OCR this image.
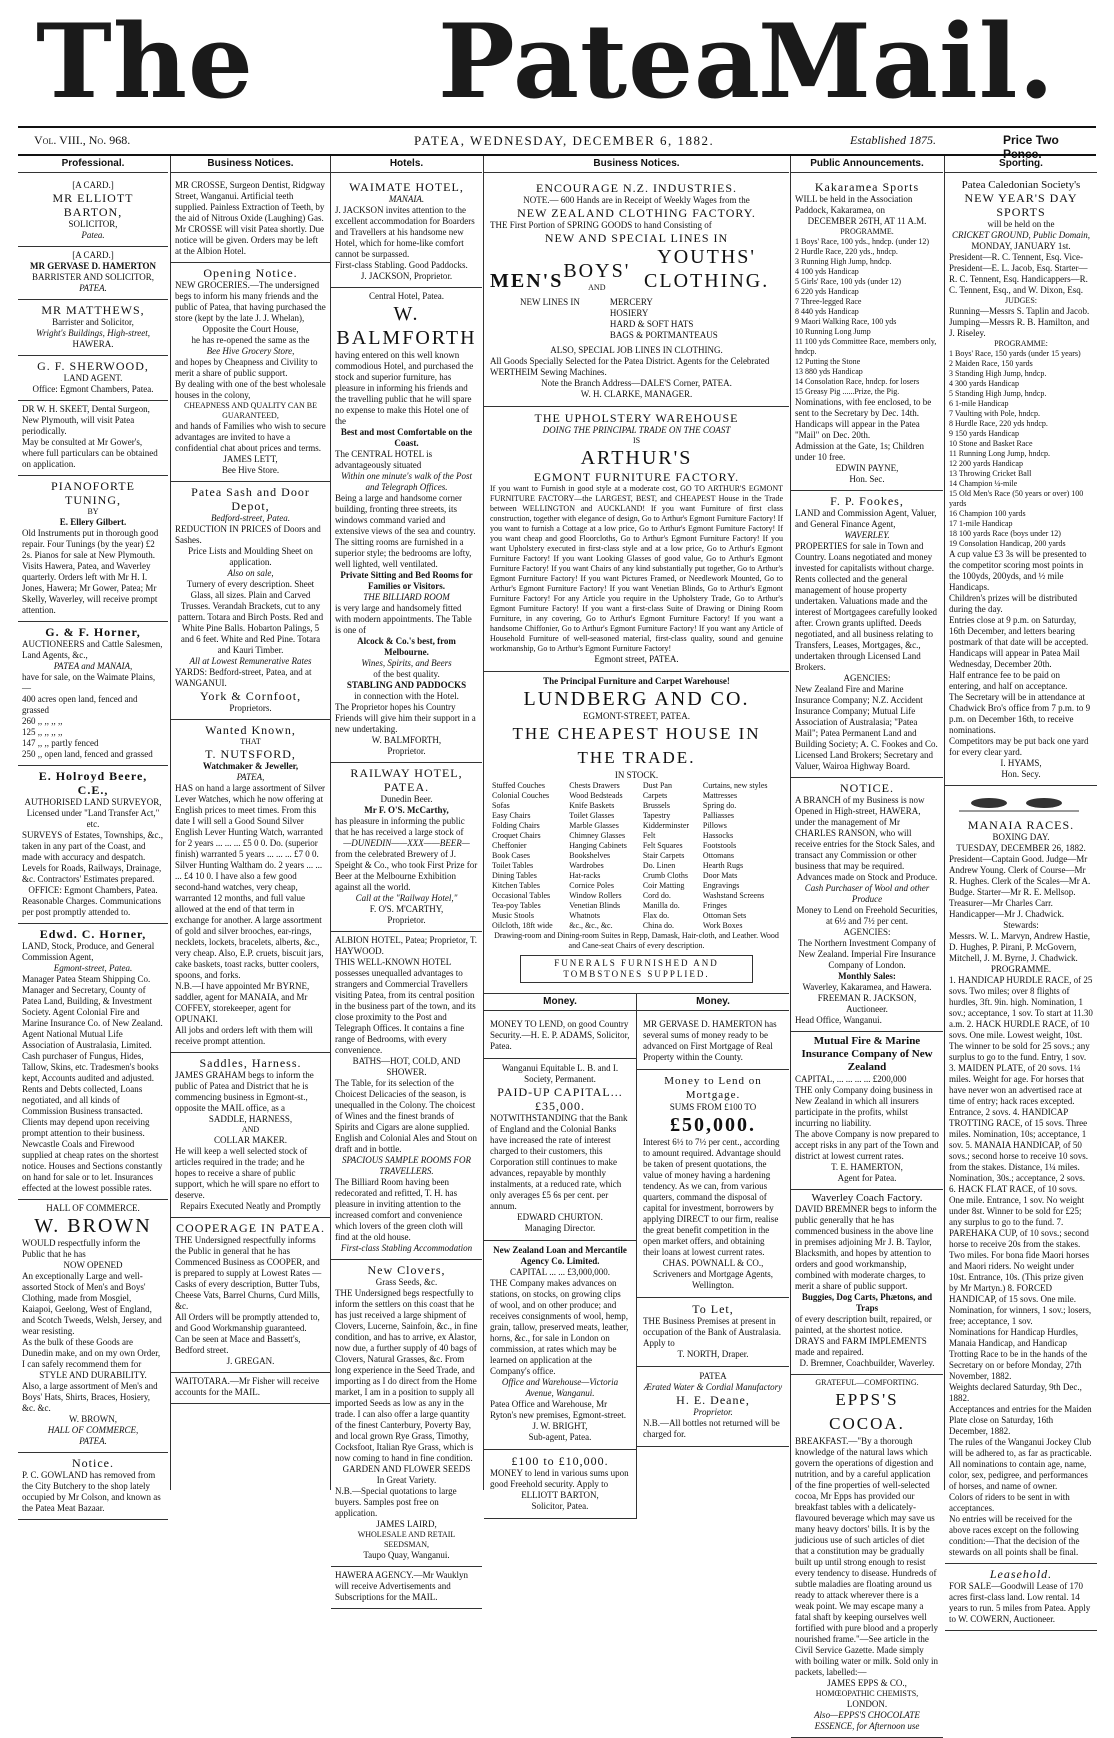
The Patea
Mail.
Vol. VIII., No. 968.	PATEA, WEDNESDAY, DECEMBER 6, 1882.	Established 1875.	Price Two Pence.
Professional.
[A CARD.]
MR ELLIOTT BARTON,
SOLICITOR,
Patea.
[A CARD.]
MR GERVASE D. HAMERTON
BARRISTER AND SOLICITOR,
PATEA.
MR MATTHEWS,
Barrister and Solicitor,
Wright's Buildings, High-street,
HAWERA.
G. F. SHERWOOD,
LAND AGENT.
Office: Egmont Chambers, Patea.
DR W. H. SKEET, Dental Surgeon, New Plymouth, will visit Patea periodically.
May be consulted at Mr Gower's, where full particulars can be obtained on application.
PIANOFORTE TUNING,
BY
E. Ellery Gilbert.
Old Instruments put in thorough good repair. Four Tunings (by the year) £2 2s. Pianos for sale at New Plymouth. Visits Hawera, Patea, and Waverley quarterly. Orders left with Mr H. I. Jones, Hawera; Mr Gower, Patea; Mr Skelly, Waverley, will receive prompt attention.
G. & F. Horner,
AUCTIONEERS and Cattle Salesmen, Land Agents, &c.,
PATEA and MANAIA,
have for sale, on the Waimate Plains,—
400 acres open land, fenced and grassed
260 ,, ,, ,, ,,
125 ,, ,, ,, ,,
147 ,, ,, partly fenced
250 ,, open land, fenced and grassed
E. Holroyd Beere, C.E.,
AUTHORISED LAND SURVEYOR,
Licensed under "Land Transfer Act," etc.
SURVEYS of Estates, Townships, &c., taken in any part of the Coast, and made with accuracy and despatch. Levels for Roads, Railways, Drainage, &c. Contractors' Estimates prepared.
OFFICE: Egmont Chambers, Patea.
Reasonable Charges. Communications per post promptly attended to.
Edwd. C. Horner,
LAND, Stock, Produce, and General Commission Agent,
Egmont-street, Patea.
Manager Patea Steam Shipping Co. Manager and Secretary, County of Patea Land, Building, & Investment Society. Agent Colonial Fire and Marine Insurance Co. of New Zealand. Agent National Mutual Life Association of Australasia, Limited. Cash purchaser of Fungus, Hides, Tallow, Skins, etc. Tradesmen's books kept, Accounts audited and adjusted. Rents and Debts collected, Loans negotiated, and all kinds of Commission Business transacted. Clients may depend upon receiving prompt attention to their business. Newcastle Coals and Firewood supplied at cheap rates on the shortest notice. Houses and Sections constantly on hand for sale or to let. Insurances effected at the lowest possible rates.
HALL OF COMMERCE.
W. BROWN
WOULD respectfully inform the Public that he has
NOW OPENED
An exceptionally Large and well-assorted Stock of Men's and Boys' Clothing, made from Mosgiel, Kaiapoi, Geelong, West of England, and Scotch Tweeds, Welsh, Jersey, and wear resisting.
As the bulk of these Goods are Dunedin make, and on my own Order, I can safely recommend them for
STYLE AND DURABILITY.
Also, a large assortment of Men's and Boys' Hats, Shirts, Braces, Hosiery, &c. &c.
W. BROWN,
HALL OF COMMERCE,
PATEA.
Notice.
P. C. GOWLAND has removed from the City Butchery to the shop lately occupied by Mr Colson, and known as the Patea Meat Bazaar.
Business Notices.
MR CROSSE, Surgeon Dentist, Ridgway Street, Wanganui. Artificial teeth supplied. Painless Extraction of Teeth, by the aid of Nitrous Oxide (Laughing) Gas.
Mr CROSSE will visit Patea shortly. Due notice will be given. Orders may be left at the Albion Hotel.
Opening Notice.
NEW GROCERIES.—The undersigned begs to inform his many friends and the public of Patea, that having purchased the store (kept by the late J. J. Whelan),
Opposite the Court House,
he has re-opened the same as the
Bee Hive Grocery Store,
and hopes by Cheapness and Civility to merit a share of public support.
By dealing with one of the best wholesale houses in the colony,
CHEAPNESS AND QUALITY CAN BE GUARANTEED,
and hands of Families who wish to secure advantages are invited to have a confidential chat about prices and terms.
JAMES LETT,
Bee Hive Store.
Patea Sash and Door Depot,
Bedford-street, Patea.
REDUCTION IN PRICES of Doors and Sashes.
Price Lists and Moulding Sheet on application.
Also on sale,
Turnery of every description. Sheet Glass, all sizes. Plain and Carved Trusses. Verandah Brackets, cut to any pattern. Totara and Birch Posts. Red and White Pine Balls. Hobarton Palings, 5 and 6 feet. White and Red Pine. Totara and Kauri Timber.
All at Lowest Remunerative Rates
YARDS: Bedford-street, Patea, and at WANGANUI.
York & Cornfoot,
Proprietors.
Wanted Known,
THAT
T. NUTSFORD,
Watchmaker & Jeweller,
PATEA,
HAS on hand a large assortment of Silver Lever Watches, which he now offering at English prices to meet times. From this date I will sell a Good Sound Silver English Lever Hunting Watch, warranted for 2 years ... ... ... £5 0 0. Do. (superior finish) warranted 5 years ... ... ... £7 0 0. Silver Hunting Waltham do. 2 years ... ... ... £4 10 0. I have also a few good second-hand watches, very cheap, warranted 12 months, and full value allowed at the end of that term in exchange for another. A large assortment of gold and silver brooches, ear-rings, necklets, lockets, bracelets, alberts, &c., very cheap. Also, E.P. cruets, biscuit jars, cake baskets, toast racks, butter coolers, spoons, and forks.
N.B.—I have appointed Mr BYRNE, saddler, agent for MANAIA, and Mr COFFEY, storekeeper, agent for OPUNAKI.
All jobs and orders left with them will receive prompt attention.
Saddles, Harness.
JAMES GRAHAM begs to inform the public of Patea and District that he is commencing business in Egmont-st., opposite the MAIL office, as a
SADDLE, HARNESS,
AND
COLLAR MAKER.
He will keep a well selected stock of articles required in the trade; and he hopes to receive a share of public support, which he will spare no effort to deserve.
Repairs Executed Neatly and Promptly
COOPERAGE IN PATEA.
THE Undersigned respectfully informs the Public in general that he has Commenced Business as COOPER, and is prepared to supply at Lowest Rates — Casks of every description, Butter Tubs, Cheese Vats, Barrel Churns, Curd Mills, &c.
All Orders will be promptly attended to, and Good Workmanship guaranteed.
Can be seen at Mace and Bassett's, Bedford street.
J. GREGAN.
WAITOTARA.—Mr Fisher will receive accounts for the MAIL.
Hotels.
WAIMATE HOTEL,
MANAIA.
J. JACKSON invites attention to the excellent accommodation for Boarders and Travellers at his handsome new Hotel, which for home-like comfort cannot be surpassed.
First-class Stabling. Good Paddocks.
J. JACKSON, Proprietor.
Central Hotel, Patea.
W. BALMFORTH
having entered on this well known commodious Hotel, and purchased the stock and superior furniture, has pleasure in informing his friends and the travelling public that he will spare no expense to make this Hotel one of the
Best and most Comfortable on the Coast.
The CENTRAL HOTEL is advantageously situated
Within one minute's walk of the Post and Telegraph Offices.
Being a large and handsome corner building, fronting three streets, its windows command varied and extensive views of the sea and country. The sitting rooms are furnished in a superior style; the bedrooms are lofty, well lighted, well ventilated.
Private Sitting and Bed Rooms for Families or Visitors.
THE BILLIARD ROOM
is very large and handsomely fitted with modern appointments. The Table is one of
Alcock & Co.'s best, from Melbourne.
Wines, Spirits, and Beers
of the best quality.
STABLING AND PADDOCKS
in connection with the Hotel.
The Proprietor hopes his Country Friends will give him their support in a new undertaking.
W. BALMFORTH,
Proprietor.
RAILWAY HOTEL, PATEA.
Dunedin Beer.
Mr F. O'S. McCarthy,
has pleasure in informing the public that he has received a large stock of
—DUNEDIN——XXX——BEER—
from the celebrated Brewery of J. Speight & Co., who took First Prize for Beer at the Melbourne Exhibition against all the world.
Call at the "Railway Hotel,"
F. O'S. M'CARTHY,
Proprietor.
ALBION HOTEL, Patea; Proprietor, T. HAYWOOD.
THIS WELL-KNOWN HOTEL possesses unequalled advantages to strangers and Commercial Travellers visiting Patea, from its central position in the business part of the town, and its close proximity to the Post and Telegraph Offices. It contains a fine range of Bedrooms, with every convenience.
BATHS—HOT, COLD, AND SHOWER.
The Table, for its selection of the Choicest Delicacies of the season, is unequalled in the Colony. The choicest of Wines and the finest brands of Spirits and Cigars are alone supplied. English and Colonial Ales and Stout on draft and in bottle.
SPACIOUS SAMPLE ROOMS FOR TRAVELLERS.
The Billiard Room having been redecorated and refitted, T. H. has pleasure in inviting attention to the increased comfort and convenience which lovers of the green cloth will find at the old house.
First-class Stabling Accommodation
New Clovers,
Grass Seeds, &c.
THE Undersigned begs respectfully to inform the settlers on this coast that he has just received a large shipment of Clovers, Lucerne, Sainfoin, &c., in fine condition, and has to arrive, ex Alastor, now due, a further supply of 40 bags of Clovers, Natural Grasses, &c. From long experience in the Seed Trade, and importing as I do direct from the Home market, I am in a position to supply all imported Seeds as low as any in the trade. I can also offer a large quantity of the finest Canterbury, Poverty Bay, and local grown Rye Grass, Timothy, Cocksfoot, Italian Rye Grass, which is now coming to hand in fine condition.
GARDEN AND FLOWER SEEDS
In Great Variety.
N.B.—Special quotations to large buyers. Samples post free on application.
JAMES LAIRD,
WHOLESALE AND RETAIL SEEDSMAN,
Taupo Quay, Wanganui.
HAWERA AGENCY.—Mr Wauklyn will receive Advertisements and Subscriptions for the MAIL.
Business Notices.
ENCOURAGE N.Z. INDUSTRIES.
NOTE.— 600 Hands are in Receipt of Weekly Wages from the
NEW ZEALAND CLOTHING FACTORY.
THE First Portion of SPRING GOODS to hand Consisting of
NEW AND SPECIAL LINES IN
MEN'S BOYS'
AND
YOUTHS' CLOTHING.
NEW LINES IN	MERCERY
HOSIERY
HARD & SOFT HATS
BAGS & PORTMANTEAUS
ALSO, SPECIAL JOB LINES IN CLOTHING.
All Goods Specially Selected for the Patea District. Agents for the Celebrated WERTHEIM Sewing Machines.
Note the Branch Address—DALE'S Corner, PATEA.
W. H. CLARKE, MANAGER.
THE UPHOLSTERY WAREHOUSE
DOING THE PRINCIPAL TRADE ON THE COAST
IS
ARTHUR'S
EGMONT FURNITURE FACTORY.
If you want to Furnish in good style at a moderate cost, GO TO ARTHUR'S EGMONT FURNITURE FACTORY—the LARGEST, BEST, and CHEAPEST House in the Trade between WELLINGTON and AUCKLAND! If you want Furniture of first class construction, together with elegance of design, Go to Arthur's Egmont Furniture Factory! If you want to furnish a Cottage at a low price, Go to Arthur's Egmont Furniture Factory! If you want cheap and good Floorcloths, Go to Arthur's Egmont Furniture Factory! If you want Upholstery executed in first-class style and at a low price, Go to Arthur's Egmont Furniture Factory! If you want Looking Glasses of good value, Go to Arthur's Egmont Furniture Factory! If you want Chairs of any kind substantially put together, Go to Arthur's Egmont Furniture Factory! If you want Pictures Framed, or Needlework Mounted, Go to Arthur's Egmont Furniture Factory! If you want Venetian Blinds, Go to Arthur's Egmont Furniture Factory! For any Article you require in the Upholstery Trade, Go to Arthur's Egmont Furniture Factory! If you want a first-class Suite of Drawing or Dining Room Furniture, in any covering, Go to Arthur's Egmont Furniture Factory! If you want a handsome Chiffonier, Go to Arthur's Egmont Furniture Factory! If you want any Article of Household Furniture of well-seasoned material, first-class quality, sound and genuine workmanship, Go to Arthur's Egmont Furniture Factory!
Egmont street, PATEA.
The Principal Furniture and Carpet Warehouse!
LUNDBERG AND CO.
EGMONT-STREET, PATEA.
THE CHEAPEST HOUSE IN THE TRADE.
IN STOCK.
Stuffed Couches	Chests Drawers	Dust Pan	Curtains, new styles
Colonial Couches	Wood Bedsteads	Carpets	Mattresses
Sofas	Knife Baskets	Brussels	Spring do.
Easy Chairs	Toilet Glasses	Tapestry	Palliasses
Folding Chairs	Marble Glasses	Kidderminster	Pillows
Croquet Chairs	Chimney Glasses	Felt	Hassocks
Cheffonier	Hanging Cabinets	Felt Squares	Footstools
Book Cases	Bookshelves	Stair Carpets	Ottomans
Toilet Tables	Wardrobes	Do. Linen	Hearth Rugs
Dining Tables	Hat-racks	Crumb Cloths	Door Mats
Kitchen Tables	Cornice Poles	Coir Matting	Engravings
Occasional Tables	Window Rollers	Cord do.	Washstand Screens
Tea-poy Tables	Venetian Blinds	Manilla do.	Fringes
Music Stools	Whatnots	Flax do.	Ottoman Sets
Oilcloth, 18ft wide	&c., &c., &c.	China do.	Work Boxes
Drawing-room and Dining-room Suites in Repp, Damask, Hair-cloth, and Leather. Wood and Cane-seat Chairs of every description.
FUNERALS FURNISHED AND TOMBSTONES SUPPLIED.
Money.
MONEY TO LEND, on good Country Security.—H. E. P. ADAMS, Solicitor, Patea.
Wanganui Equitable L. B. and I. Society, Permanent.
PAID-UP CAPITAL...£35,000.
NOTWITHSTANDING that the Bank of England and the Colonial Banks have increased the rate of interest charged to their customers, this Corporation still continues to make advances, repayable by monthly instalments, at a reduced rate, which only averages £5 6s per cent. per annum.
EDWARD CHURTON.
Managing Director.
New Zealand Loan and Mercantile Agency Co. Limited.
CAPITAL ... ... £3,000,000.
THE Company makes advances on stations, on stocks, on growing clips of wool, and on other produce; and receives consignments of wool, hemp, grain, tallow, preserved meats, leather, horns, &c., for sale in London on commission, at rates which may be learned on application at the Company's office.
Office and Warehouse—Victoria Avenue, Wanganui.
Patea Office and Warehouse, Mr Ryton's new premises, Egmont-street.
J. W. BRIGHT,
Sub-agent, Patea.
£100 to £10,000.
MONEY to lend in various sums upon good Freehold security. Apply to
ELLIOTT BARTON,
Solicitor, Patea.
Money.
MR GERVASE D. HAMERTON has several sums of money ready to be advanced on First Mortgage of Real Property within the County.
Money to Lend on Mortgage.
SUMS FROM £100 TO
£50,000.
Interest 6½ to 7½ per cent., according to amount required. Advantage should be taken of present quotations, the value of money having a hardening tendency. As we can, from various quarters, command the disposal of capital for investment, borrowers by applying DIRECT to our firm, realise the great benefit competition in the open market offers, and obtaining their loans at lowest current rates.
CHAS. POWNALL & CO.,
Scriveners and Mortgage Agents, Wellington.
To Let,
THE Business Premises at present in occupation of the Bank of Australasia. Apply to
T. NORTH, Draper.
PATEA
Ærated Water & Cordial Manufactory
H. E. Deane,
Proprietor.
N.B.—All bottles not returned will be charged for.
Public Announcements.
Kakaramea Sports
WILL be held in the Association Paddock, Kakaramea, on
DECEMBER 26TH, AT 11 A.M.
PROGRAMME.
1 Boys' Race, 100 yds., hndcp. (under 12)
2 Hurdle Race, 220 yds., hndcp.
3 Running High Jump, hndcp.
4 100 yds Handicap
5 Girls' Race, 100 yds (under 12)
6 220 yds Handicap
7 Three-legged Race
8 440 yds Handicap
9 Maori Walking Race, 100 yds
10 Running Long Jump
11 100 yds Committee Race, members only, hndcp.
12 Putting the Stone
13 880 yds Handicap
14 Consolation Race, hndcp. for losers
15 Greasy Pig ......Prize, the Pig.
Nominations, with fee enclosed, to be sent to the Secretary by Dec. 14th. Handicaps will appear in the Patea "Mail" on Dec. 20th.
Admission at the Gate, 1s; Children under 10 free.
EDWIN PAYNE,
Hon. Sec.
F. P. Fookes,
LAND and Commission Agent, Valuer, and General Finance Agent,
WAVERLEY.
PROPERTIES for sale in Town and Country. Loans negotiated and money invested for capitalists without charge. Rents collected and the general management of house property undertaken. Valuations made and the interest of Mortgagees carefully looked after. Crown grants uplifted. Deeds negotiated, and all business relating to Transfers, Leases, Mortgages, &c., undertaken through Licensed Land Brokers.
AGENCIES:
New Zealand Fire and Marine Insurance Company; N.Z. Accident Insurance Company; Mutual Life Association of Australasia; "Patea Mail"; Patea Permanent Land and Building Society; A. C. Fookes and Co. Licensed Land Brokers; Secretary and Valuer, Wairoa Highway Board.
NOTICE.
A BRANCH of my Business is now Opened in High-street, HAWERA, under the management of Mr CHARLES RANSON, who will receive entries for the Stock Sales, and transact any Commission or other business that may be required.
Advances made on Stock and Produce.
Cash Purchaser of Wool and other Produce
Money to Lend on Freehold Securities, at 6½ and 7½ per cent.
AGENCIES:
The Northern Investment Company of New Zealand. Imperial Fire Insurance Company of London.
Monthly Sales:
Waverley, Kakaramea, and Hawera.
FREEMAN R. JACKSON,
Auctioneer.
Head Office, Wanganui.
Mutual Fire & Marine Insurance Company of New Zealand
CAPITAL, ... ... ... ... £200,000
THE only Company doing business in New Zealand in which all insurers participate in the profits, whilst incurring no liability.
The above Company is now prepared to accept risks in any part of the Town and district at lowest current rates.
T. E. HAMERTON,
Agent for Patea.
Waverley Coach Factory.
DAVID BREMNER begs to inform the public generally that he has commenced business in the above line in premises adjoining Mr J. B. Taylor, Blacksmith, and hopes by attention to orders and good workmanship, combined with moderate charges, to merit a share of public support.
Buggies, Dog Carts, Phætons, and Traps
of every description built, repaired, or painted, at the shortest notice.
DRAYS and FARM IMPLEMENTS made and repaired.
D. Bremner, Coachbuilder, Waverley.
GRATEFUL—COMFORTING.
EPPS'S COCOA.
BREAKFAST.—"By a thorough knowledge of the natural laws which govern the operations of digestion and nutrition, and by a careful application of the fine properties of well-selected cocoa, Mr Epps has provided our breakfast tables with a delicately-flavoured beverage which may save us many heavy doctors' bills. It is by the judicious use of such articles of diet that a constitution may be gradually built up until strong enough to resist every tendency to disease. Hundreds of subtle maladies are floating around us ready to attack wherever there is a weak point. We may escape many a fatal shaft by keeping ourselves well fortified with pure blood and a properly nourished frame."—See article in the Civil Service Gazette. Made simply with boiling water or milk. Sold only in packets, labelled:—
JAMES EPPS & CO.,
HOMŒOPATHIC CHEMISTS,
LONDON.
Also—EPPS'S CHOCOLATE ESSENCE, for Afternoon use
Sporting.
Patea Caledonian Society's
NEW YEAR'S DAY SPORTS
will be held on the
CRICKET GROUND, Public Domain,
MONDAY, JANUARY 1st.
President—R. C. Tennent, Esq. Vice-President—E. L. Jacob, Esq. Starter—R. C. Tennent, Esq. Handicappers—R. C. Tennent, Esq., and W. Dixon, Esq.
JUDGES:
Running—Messrs S. Taplin and Jacob. Jumping—Messrs R. B. Hamilton, and J. Riseley.
PROGRAMME:
1 Boys' Race, 150 yards (under 15 years)
2 Maiden Race, 150 yards
3 Standing High Jump, hndcp.
4 300 yards Handicap
5 Standing High Jump, hndcp.
6 1-mile Handicap
7 Vaulting with Pole, hndcp.
8 Hurdle Race, 220 yds hndcp.
9 150 yards Handicap
10 Stone and Basket Race
11 Running Long Jump, hndcp.
12 200 yards Handicap
13 Throwing Cricket Ball
14 Champion ¼-mile
15 Old Men's Race (50 years or over) 100 yards
16 Champion 100 yards
17 1-mile Handicap
18 100 yards Race (boys under 12)
19 Consolation Handicap, 200 yards
A cup value £3 3s will be presented to the competitor scoring most points in the 100yds, 200yds, and ½ mile Handicaps.
Children's prizes will be distributed during the day.
Entries close at 9 p.m. on Saturday, 16th December, and letters bearing postmark of that date will be accepted.
Handicaps will appear in Patea Mail Wednesday, December 20th.
Half entrance fee to be paid on entering, and half on acceptance.
The Secretary will be in attendance at Chadwick Bro's office from 7 p.m. to 9 p.m. on December 16th, to receive nominations.
Competitors may be put back one yard for every clear yard.
I. HYAMS,
Hon. Secy.
MANAIA RACES.
BOXING DAY.
TUESDAY, DECEMBER 26, 1882.
President—Captain Good. Judge—Mr Andrew Young. Clerk of Course—Mr R. Hughes. Clerk of the Scales—Mr A. Budge. Starter—Mr R. E. Mellsop. Treasurer—Mr Charles Carr. Handicapper—Mr J. Chadwick.
Stewards:
Messrs. W. L. Marvyn, Andrew Hastie, D. Hughes, P. Pirani, P. McGovern, Mitchell, J. M. Byrne, J. Chadwick.
PROGRAMME.
1. HANDICAP HURDLE RACE, of 25 sovs. Two miles; over 8 flights of hurdles, 3ft. 9in. high. Nomination, 1 sov.; acceptance, 1 sov. To start at 11.30 a.m. 2. HACK HURDLE RACE, of 10 sovs. One mile. Lowest weight, 10st. The winner to be sold for 25 sovs.; any surplus to go to the fund. Entry, 1 sov. 3. MAIDEN PLATE, of 20 sovs. 1¼ miles. Weight for age. For horses that have never won an advertised race at time of entry; hack races excepted. Entrance, 2 sovs. 4. HANDICAP TROTTING RACE, of 15 sovs. Three miles. Nomination, 10s; acceptance, 1 sov. 5. MANAIA HANDICAP, of 50 sovs.; second horse to receive 10 sovs. from the stakes. Distance, 1¼ miles. Nomination, 30s.; acceptance, 2 sovs. 6. HACK FLAT RACE, of 10 sovs. One mile. Entrance, 1 sov. No weight under 8st. Winner to be sold for £25; any surplus to go to the fund. 7. PAREHAKA CUP, of 10 sovs.; second horse to receive 20s from the stakes. Two miles. For bona fide Maori horses and Maori riders. No weight under 10st. Entrance, 10s. (This prize given by Mr Martyn.) 8. FORCED HANDICAP, of 15 sovs. One mile. Nomination, for winners, 1 sov.; losers, free; acceptance, 1 sov.
Nominations for Handicap Hurdles, Manaia Handicap, and Handicap Trotting Race to be in the hands of the Secretary on or before Monday, 27th November, 1882.
Weights declared Saturday, 9th Dec., 1882.
Acceptances and entries for the Maiden Plate close on Saturday, 16th December, 1882.
The rules of the Wanganui Jockey Club will be adhered to, as far as practicable.
All nominations to contain age, name, color, sex, pedigree, and performances of horses, and name of owner.
Colors of riders to be sent in with acceptances.
No entries will be received for the above races except on the following condition:—That the decision of the stewards on all points shall be final.
Leasehold.
FOR SALE—Goodwill Lease of 170 acres first-class land. Low rental. 14 years to run. 5 miles from Patea. Apply to W. COWERN, Auctioneer.
